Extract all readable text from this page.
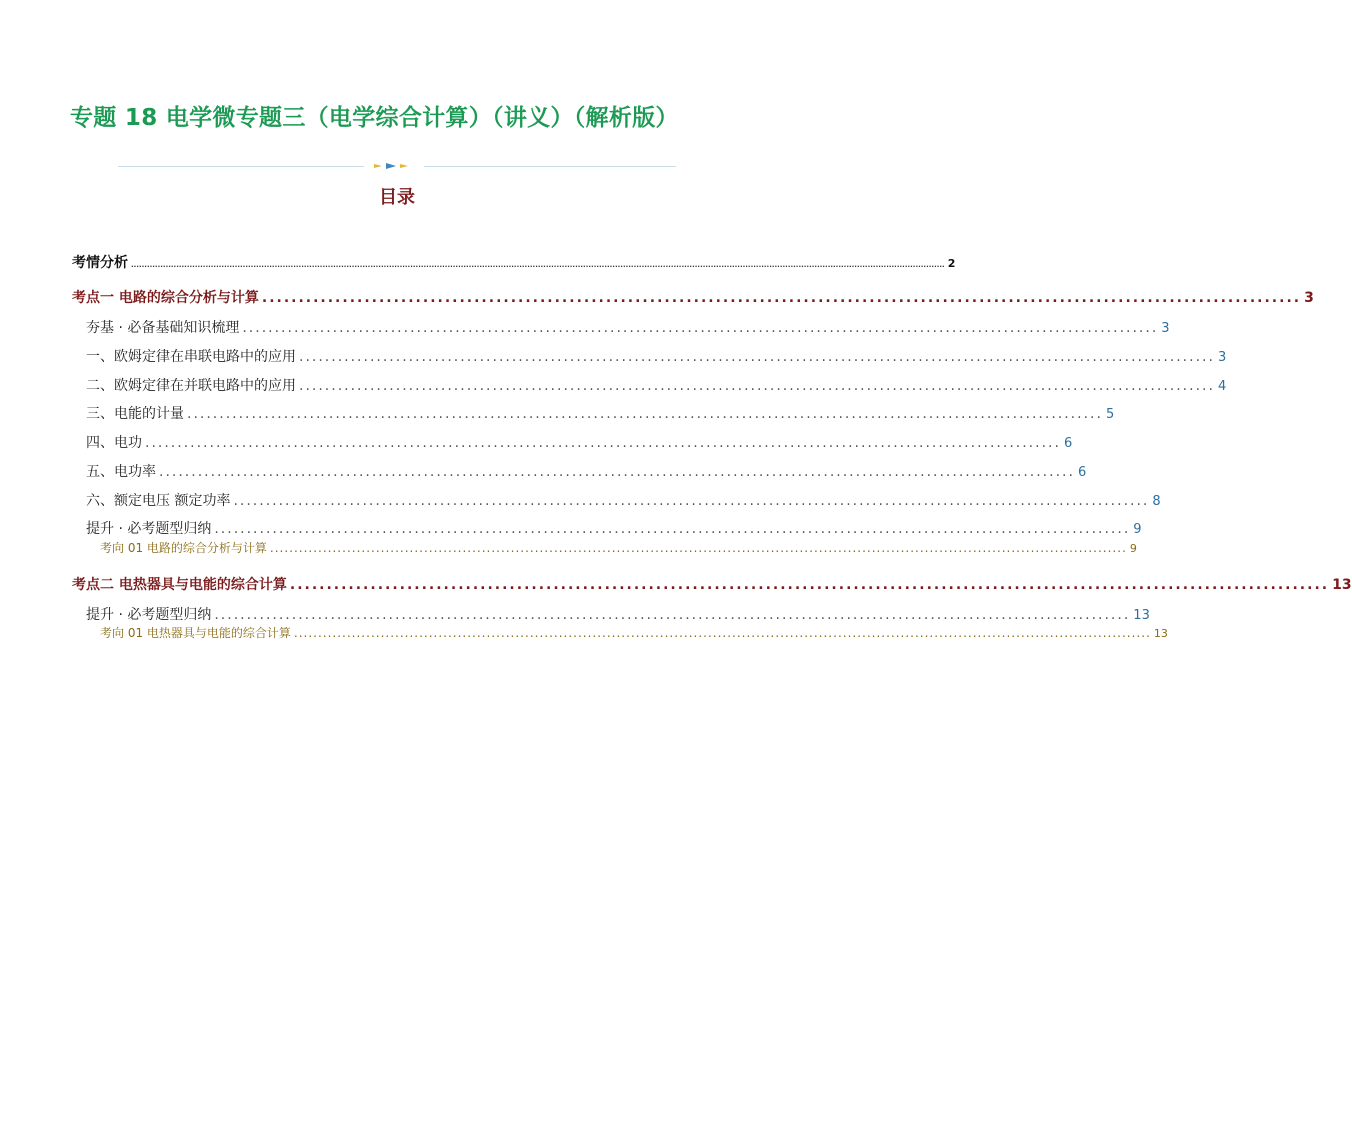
专题 18 电学微专题三（电学综合计算）（讲义）（解析版）
目录
考情分析 .................................................................................................................................................................................................................................................................................................................. 2
考点一 电路的综合分析与计算 .............................................................................................................................................. 3
夯基 · 必备基础知识梳理 .............................................................................................................................................. 3
一、欧姆定律在串联电路中的应用 .............................................................................................................................................. 3
二、欧姆定律在并联电路中的应用 .............................................................................................................................................. 4
三、电能的计量 .............................................................................................................................................. 5
四、电功 .............................................................................................................................................. 6
五、电功率 .............................................................................................................................................. 6
六、额定电压 额定功率 .............................................................................................................................................. 8
提升 · 必考题型归纳 .............................................................................................................................................. 9
考向 01 电路的综合分析与计算 .................................................................................................................................................................................. 9
考点二 电热器具与电能的综合计算 .............................................................................................................................................. 13
提升 · 必考题型归纳 .............................................................................................................................................. 13
考向 01 电热器具与电能的综合计算 .................................................................................................................................................................................. 13
